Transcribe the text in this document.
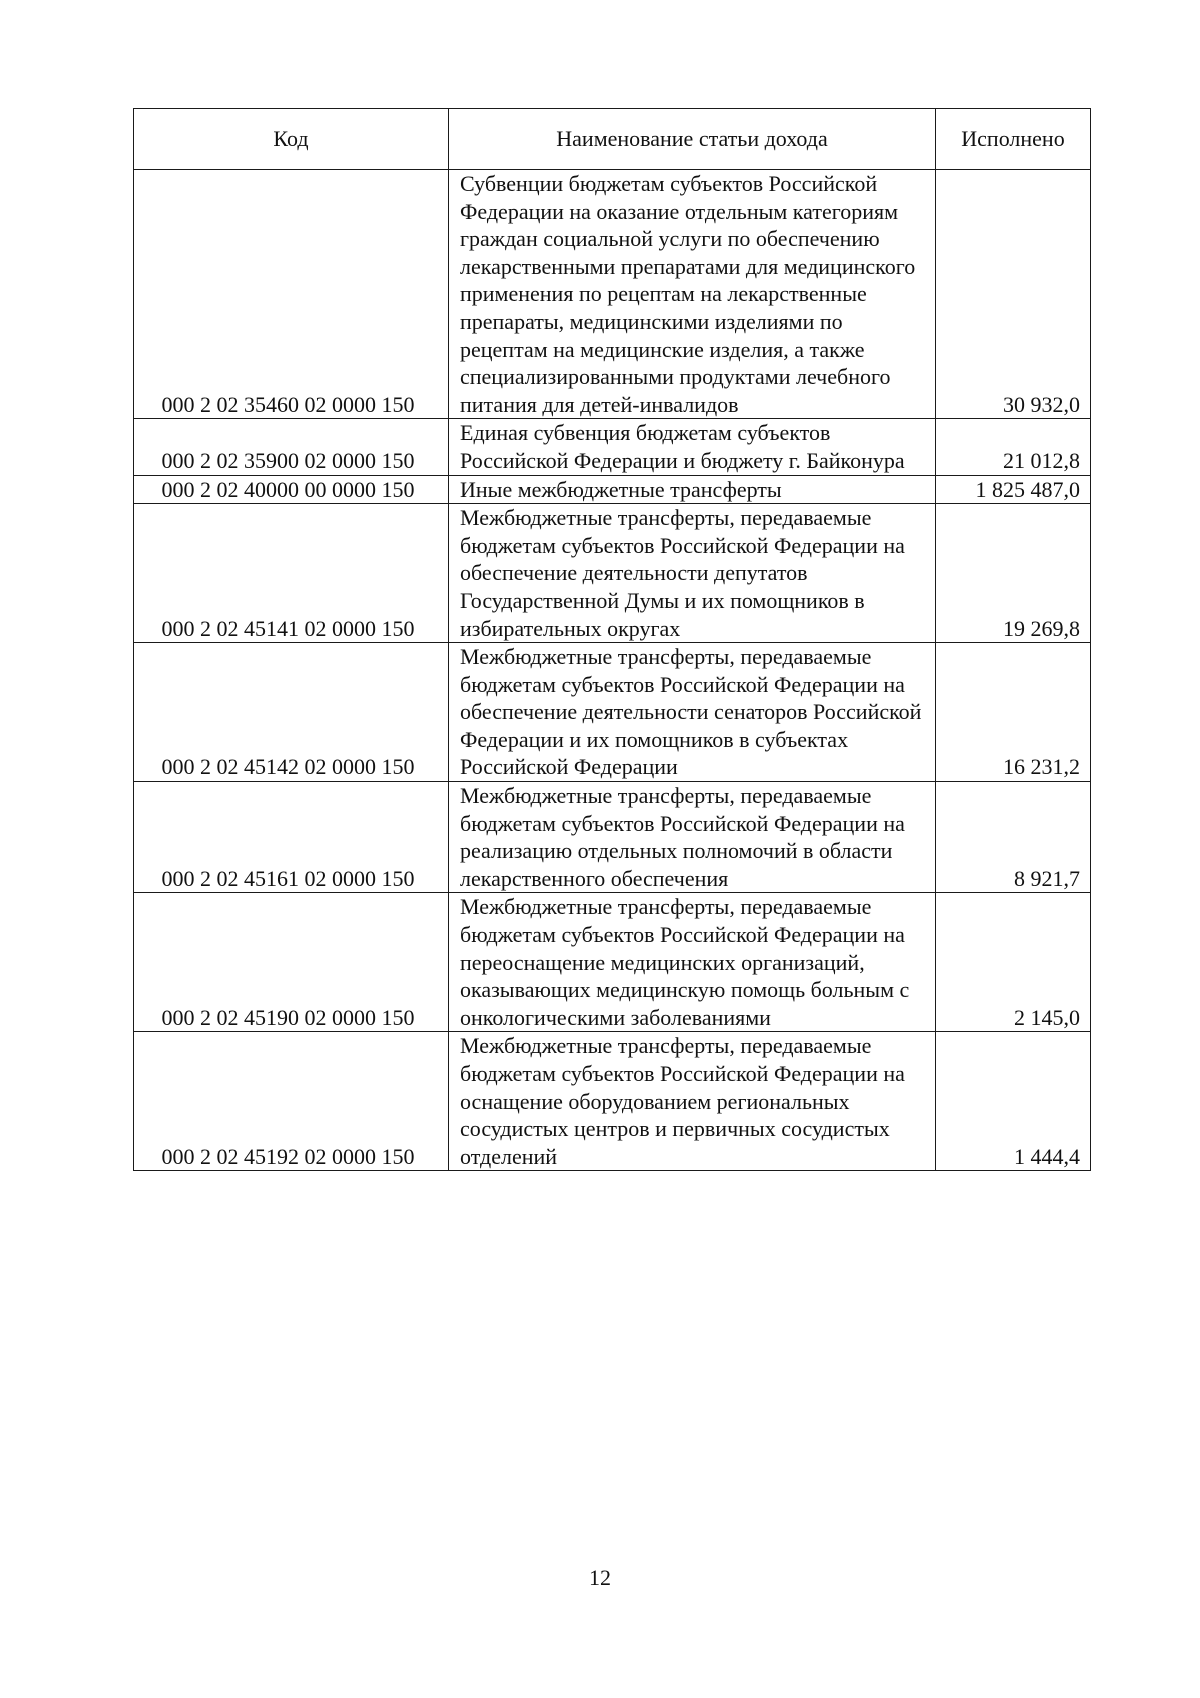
Код	Наименование статьи дохода	Исполнено

000 2 02 35460 02 0000 150	Субвенции бюджетам субъектов Российской Федерации на оказание отдельным категориям граждан социальной услуги по обеспечению лекарственными препаратами для медицинского применения по рецептам на лекарственные препараты, медицинскими изделиями по рецептам на медицинские изделия, а также специализированными продуктами лечебного питания для детей-инвалидов	30 932,0

000 2 02 35900 02 0000 150	Единая субвенция бюджетам субъектов Российской Федерации и бюджету г. Байконура	21 012,8

000 2 02 40000 00 0000 150	Иные межбюджетные трансферты	1 825 487,0

000 2 02 45141 02 0000 150	Межбюджетные трансферты, передаваемые бюджетам субъектов Российской Федерации на обеспечение деятельности депутатов Государственной Думы и их помощников в избирательных округах	19 269,8

000 2 02 45142 02 0000 150	Межбюджетные трансферты, передаваемые бюджетам субъектов Российской Федерации на обеспечение деятельности сенаторов Российской Федерации и их помощников в субъектах Российской Федерации	16 231,2

000 2 02 45161 02 0000 150	Межбюджетные трансферты, передаваемые бюджетам субъектов Российской Федерации на реализацию отдельных полномочий в области лекарственного обеспечения	8 921,7

000 2 02 45190 02 0000 150	Межбюджетные трансферты, передаваемые бюджетам субъектов Российской Федерации на переоснащение медицинских организаций, оказывающих медицинскую помощь больным с онкологическими заболеваниями	2 145,0

000 2 02 45192 02 0000 150	Межбюджетные трансферты, передаваемые бюджетам субъектов Российской Федерации на оснащение оборудованием региональных сосудистых центров и первичных сосудистых отделений	1 444,4
12
